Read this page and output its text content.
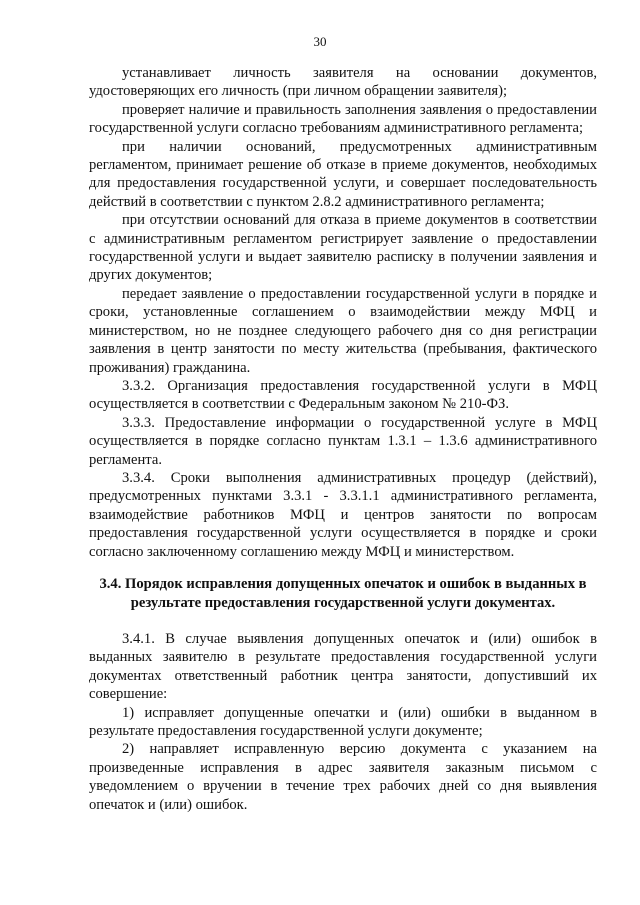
30

устанавливает личность заявителя на основании документов, удостоверяющих его личность (при личном обращении заявителя);

проверяет наличие и правильность заполнения заявления о предоставлении государственной услуги согласно требованиям административного регламента;

при наличии оснований, предусмотренных административным регламентом, принимает решение об отказе в приеме документов, необходимых для предоставления государственной услуги, и совершает последовательность действий в соответствии с пунктом 2.8.2 административного регламента;

при отсутствии оснований для отказа в приеме документов в соответствии с административным регламентом регистрирует заявление о предоставлении государственной услуги и выдает заявителю расписку в получении заявления и других документов;

передает заявление о предоставлении государственной услуги в порядке и сроки, установленные соглашением о взаимодействии между МФЦ и министерством, но не позднее следующего рабочего дня со дня регистрации заявления в центр занятости по месту жительства (пребывания, фактического проживания) гражданина.

3.3.2. Организация предоставления государственной услуги в МФЦ осуществляется в соответствии с Федеральным законом № 210-ФЗ.

3.3.3. Предоставление информации о государственной услуге в МФЦ осуществляется в порядке согласно пунктам 1.3.1 – 1.3.6 административного регламента.

3.3.4. Сроки выполнения административных процедур (действий), предусмотренных пунктами 3.3.1 - 3.3.1.1 административного регламента, взаимодействие работников МФЦ и центров занятости по вопросам предоставления государственной услуги осуществляется в порядке и сроки согласно заключенному соглашению между МФЦ и министерством.

3.4. Порядок исправления допущенных опечаток и ошибок в выданных в результате предоставления государственной услуги документах.

3.4.1. В случае выявления допущенных опечаток и (или) ошибок в выданных заявителю в результате предоставления государственной услуги документах ответственный работник центра занятости, допустивший их совершение:

1) исправляет допущенные опечатки и (или) ошибки в выданном в результате предоставления государственной услуги документе;

2) направляет исправленную версию документа с указанием на произведенные исправления в адрес заявителя заказным письмом с уведомлением о вручении в течение трех рабочих дней со дня выявления опечаток и (или) ошибок.
